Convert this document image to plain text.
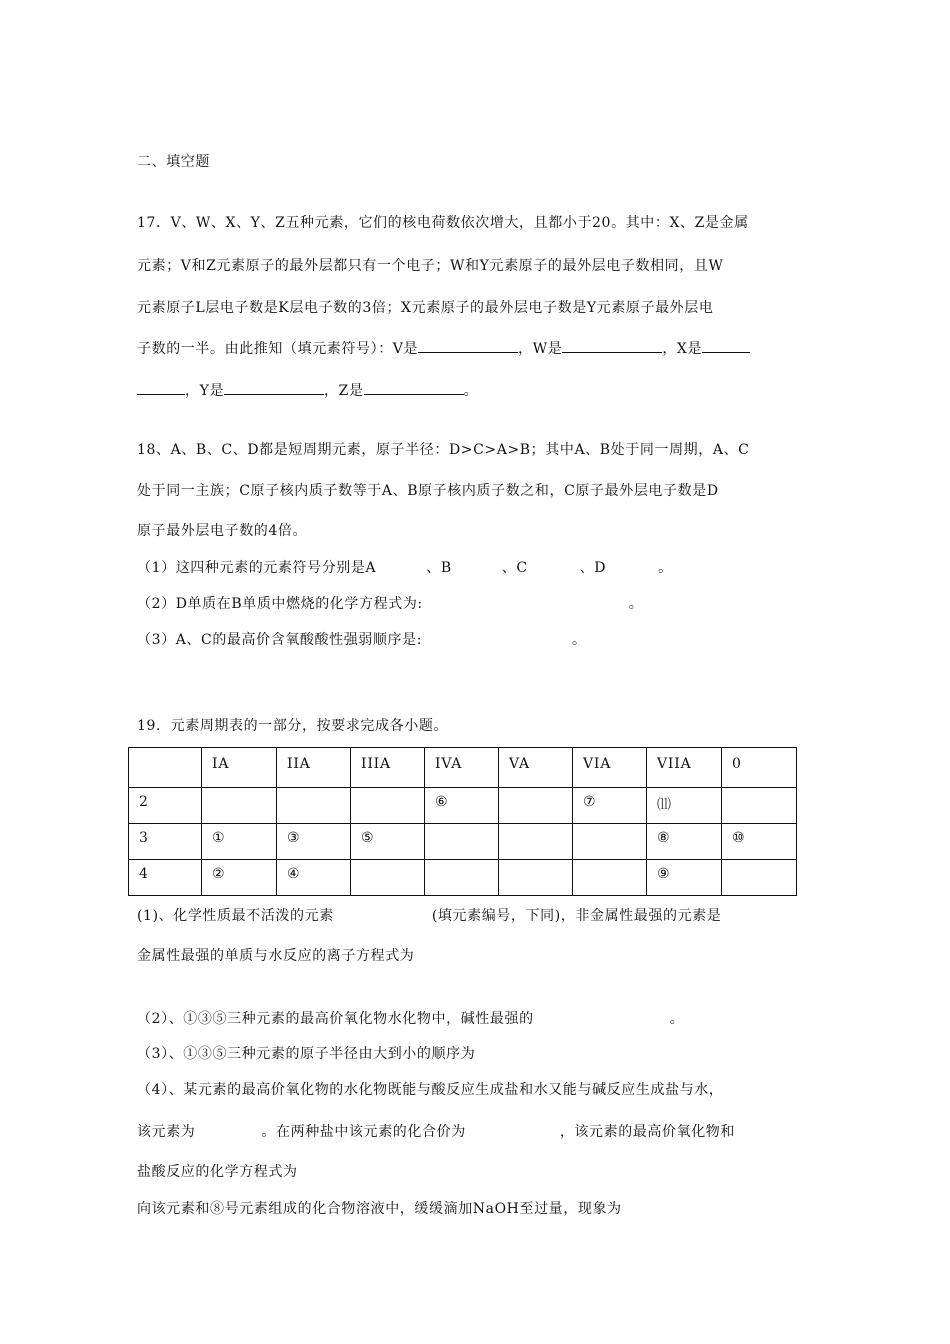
二、填空题
17．V、W、X、Y、Z五种元素，它们的核电荷数依次增大，且都小于20。其中：X、Z是金属
元素；V和Z元素原子的最外层都只有一个电子；W和Y元素原子的最外层电子数相同，且W
元素原子L层电子数是K层电子数的3倍；X元素原子的最外层电子数是Y元素原子最外层电
子数的一半。由此推知（填元素符号）：V是	，W是	，X是
，Y是	，Z是	。
18、A、B、C、D都是短周期元素，原子半径：D>C>A>B；其中A、B处于同一周期，A、C
处于同一主族；C原子核内质子数等于A、B原子核内质子数之和，C原子最外层电子数是D
原子最外层电子数的4倍。
（1）这四种元素的元素符号分别是A	、B	、C	、D	。
（2）D单质在B单质中燃烧的化学方程式为:	。
（3）A、C的最高价含氧酸酸性强弱顺序是:	。
19．元素周期表的一部分，按要求完成各小题。
	IA	IIA	IIIA	IVA	VA	VIA	VIIA	0
2				⑥		⑦	⑾	
3	①	③	⑤				⑧	⑩
4	②	④					⑨	
(1)、化学性质最不活泼的元素	(填元素编号，下同)，非金属性最强的元素是
金属性最强的单质与水反应的离子方程式为
（2）、①③⑤三种元素的最高价氧化物水化物中，碱性最强的	。
（3）、①③⑤三种元素的原子半径由大到小的顺序为
（4）、某元素的最高价氧化物的水化物既能与酸反应生成盐和水又能与碱反应生成盐与水，
该元素为	。在两种盐中该元素的化合价为	，该元素的最高价氧化物和
盐酸反应的化学方程式为
向该元素和⑧号元素组成的化合物溶液中，缓缓滴加NaOH至过量，现象为
